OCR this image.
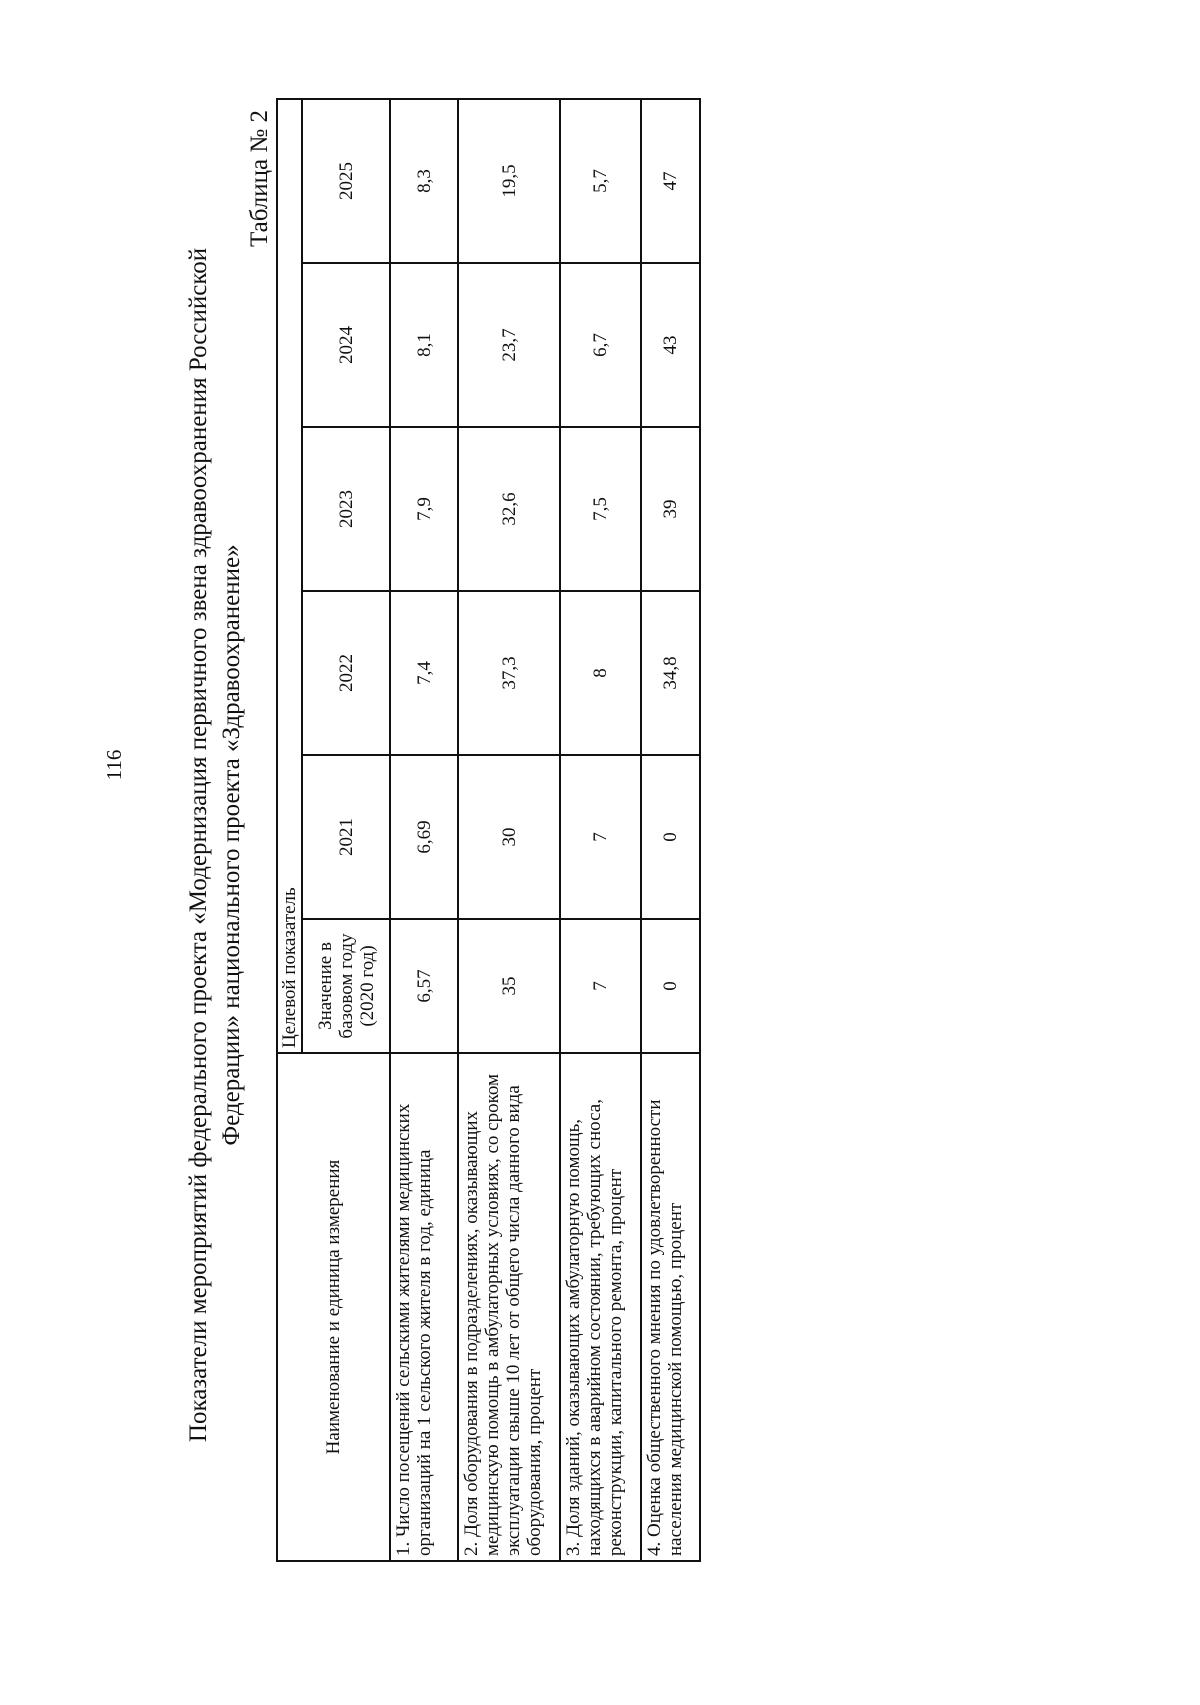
116 Показатели мероприятий федерального проекта «Модернизация первичного звена здравоохранения Российской Федерации» национального проекта «Здравоохранение»
Таблица № 2
Наименование и единица измерения	Целевой показатель					
	Значение в базовом году (2020 год)	2021	2022	2023	2024	2025
1. Число посещений сельскими жителями медицинских организаций на 1 сельского жителя в год, единица	6,57	6,69	7,4	7,9	8,1	8,3
2. Доля оборудования в подразделениях, оказывающих медицинскую помощь в амбулаторных условиях, со сроком эксплуатации свыше 10 лет от общего числа данного вида оборудования, процент	35	30	37,3	32,6	23,7	19,5
3. Доля зданий, оказывающих амбулаторную помощь, находящихся в аварийном состоянии, требующих сноса, реконструкции, капитального ремонта, процент	7	7	8	7,5	6,7	5,7
4. Оценка общественного мнения по удовлетворенности населения медицинской помощью, процент	0	0	34,8	39	43	47
